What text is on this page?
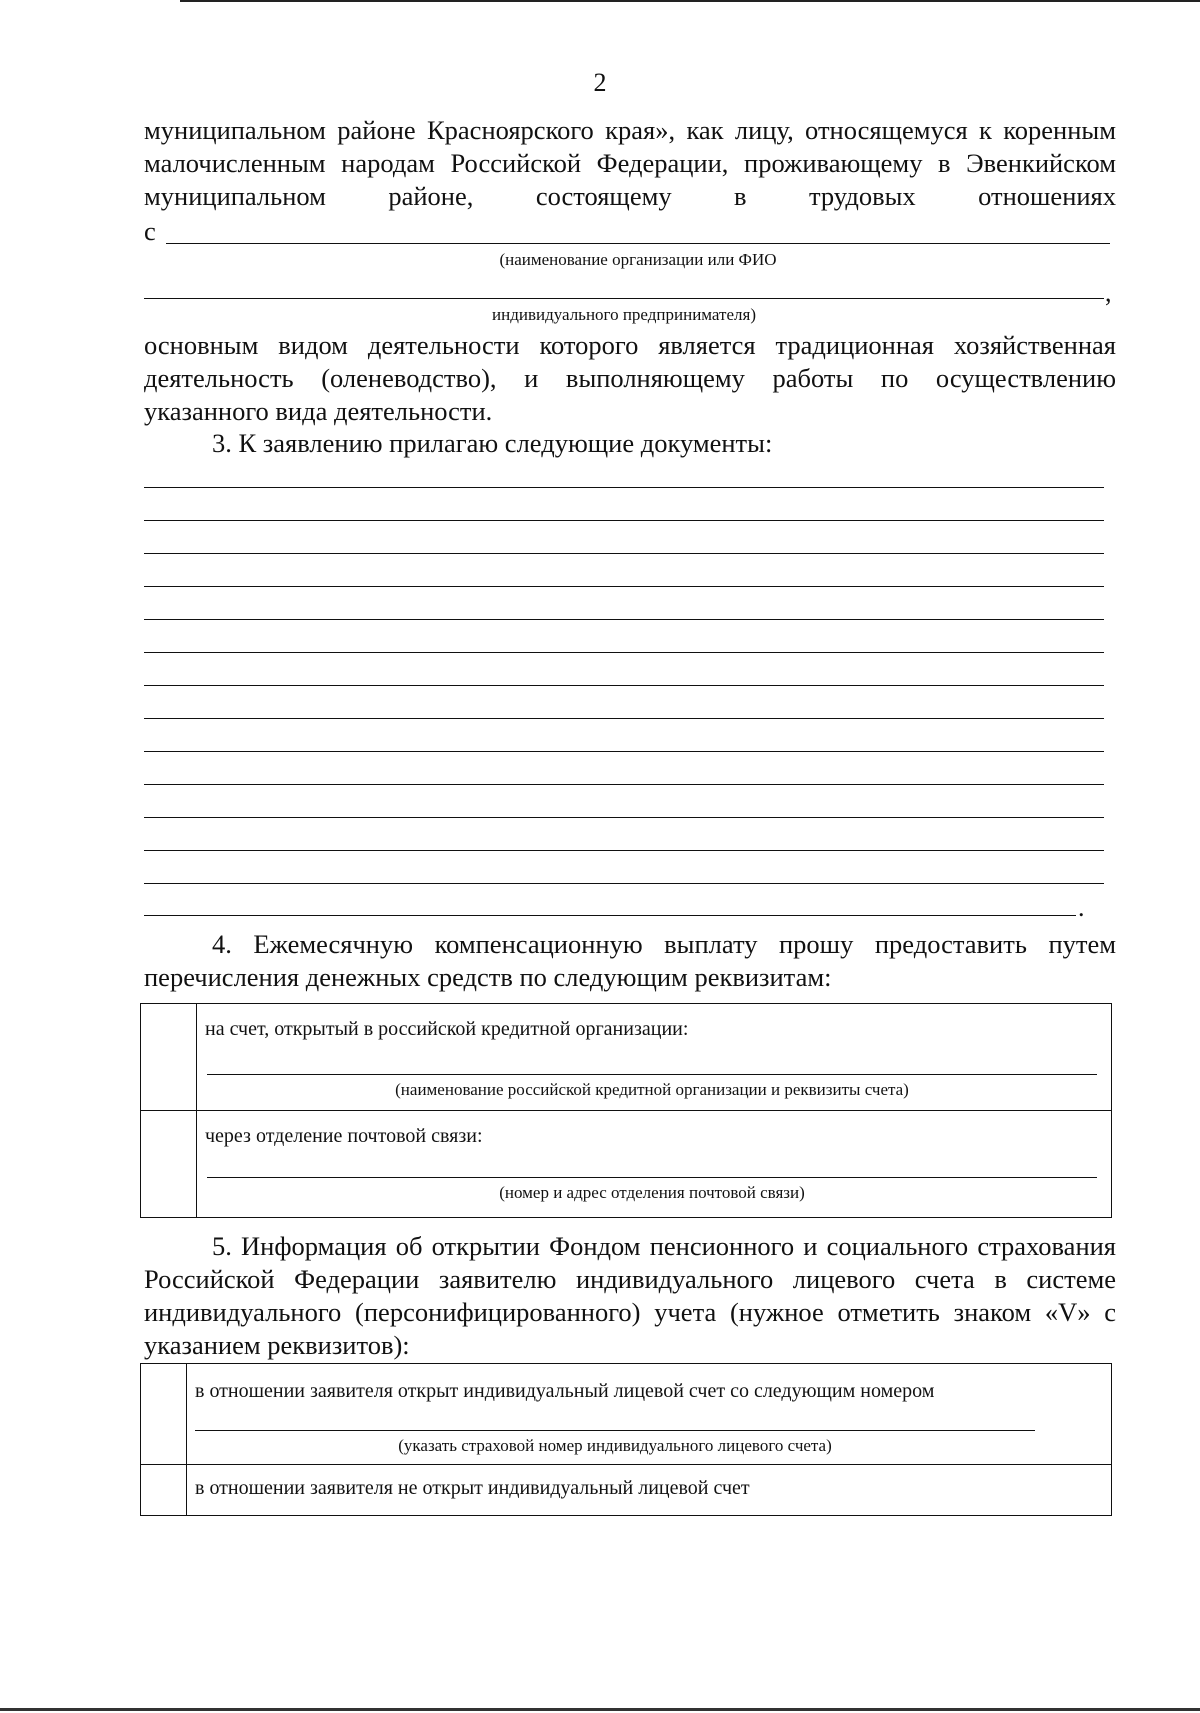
2
муниципальном районе Красноярского края», как лицу, относящемуся к коренным малочисленным народам Российской Федерации, проживающему в Эвенкийском муниципальном районе, состоящему в трудовых отношениях
с
(наименование организации или ФИО
,
индивидуального предпринимателя)
основным видом деятельности которого является традиционная хозяйственная деятельность (оленеводство), и выполняющему работы по осуществлению указанного вида деятельности.
3. К заявлению прилагаю следующие документы:
.
4. Ежемесячную компенсационную выплату прошу предоставить путем перечисления денежных средств по следующим реквизитам:

	на счет, открытый в российской кредитной организации:
(наименование российской кредитной организации и реквизиты счета)

	через отделение почтовой связи:
(номер и адрес отделения почтовой связи)
5. Информация об открытии Фондом пенсионного и социального страхования Российской Федерации заявителю индивидуального лицевого счета в системе индивидуального (персонифицированного) учета (нужное отметить знаком «V» с указанием реквизитов):

	в отношении заявителя открыт индивидуальный лицевой счет со следующим номером
(указать страховой номер индивидуального лицевого счета)

	в отношении заявителя не открыт индивидуальный лицевой счет
